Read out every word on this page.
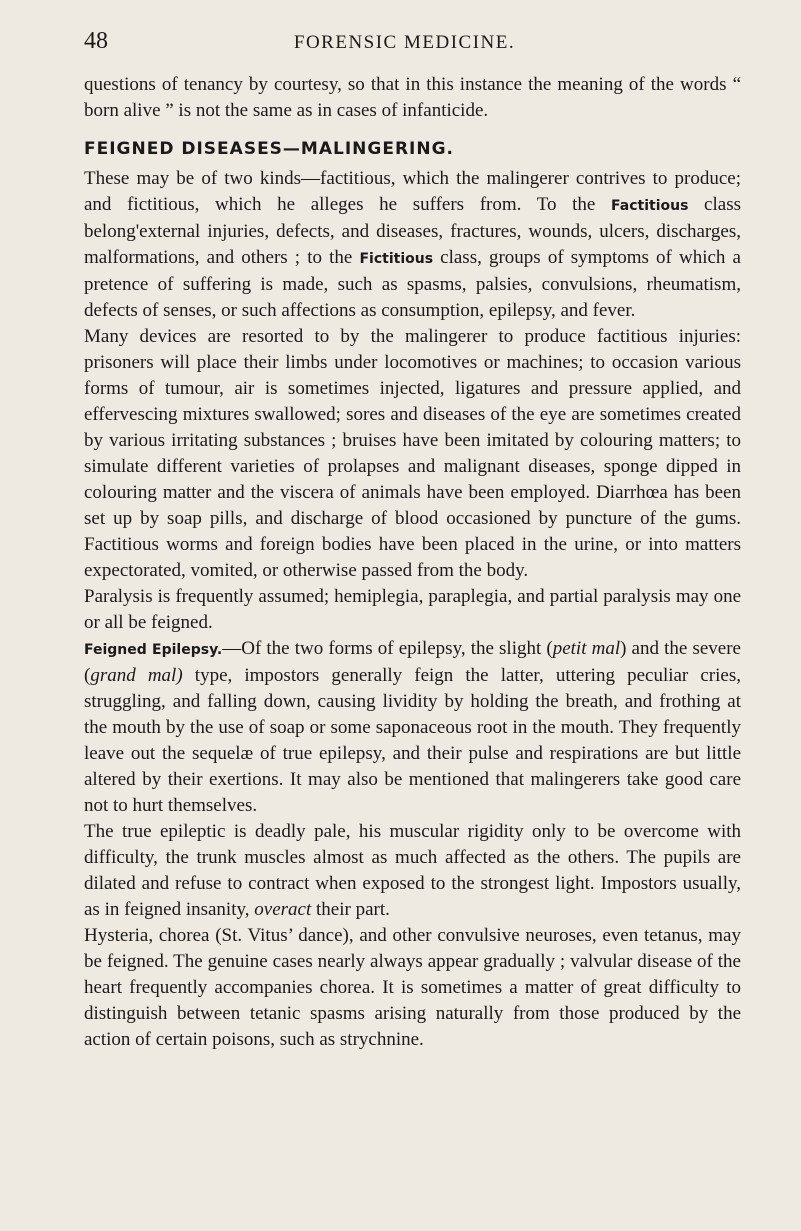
48	FORENSIC MEDICINE.

questions of tenancy by courtesy, so that in this instance the meaning of the words “ born alive ” is not the same as in cases of infanticide.

FEIGNED DISEASES—MALINGERING.

These may be of two kinds—factitious, which the malingerer contrives to produce; and fictitious, which he alleges he suffers from. To the Factitious class belong'external injuries, defects, and diseases, fractures, wounds, ulcers, discharges, malformations, and others ; to the Fictitious class, groups of symptoms of which a pretence of suffering is made, such as spasms, palsies, convulsions, rheumatism, defects of senses, or such affections as consumption, epilepsy, and fever.

Many devices are resorted to by the malingerer to produce factitious injuries: prisoners will place their limbs under locomotives or machines; to occasion various forms of tumour, air is sometimes injected, ligatures and pressure applied, and effervescing mixtures swallowed; sores and diseases of the eye are sometimes created by various irritating substances ; bruises have been imitated by colouring matters; to simulate different varieties of prolapses and malignant diseases, sponge dipped in colouring matter and the viscera of animals have been employed. Diarrhœa has been set up by soap pills, and discharge of blood occasioned by puncture of the gums. Factitious worms and foreign bodies have been placed in the urine, or into matters expectorated, vomited, or otherwise passed from the body.

Paralysis is frequently assumed; hemiplegia, paraplegia, and partial paralysis may one or all be feigned.

Feigned Epilepsy.—Of the two forms of epilepsy, the slight (petit mal) and the severe (grand mal) type, impostors generally feign the latter, uttering peculiar cries, struggling, and falling down, causing lividity by holding the breath, and frothing at the mouth by the use of soap or some saponaceous root in the mouth. They frequently leave out the sequelæ of true epilepsy, and their pulse and respirations are but little altered by their exertions. It may also be mentioned that malingerers take good care not to hurt themselves.

The true epileptic is deadly pale, his muscular rigidity only to be overcome with difficulty, the trunk muscles almost as much affected as the others. The pupils are dilated and refuse to contract when exposed to the strongest light. Impostors usually, as in feigned insanity, overact their part.

Hysteria, chorea (St. Vitus’ dance), and other convulsive neuroses, even tetanus, may be feigned. The genuine cases nearly always appear gradually ; valvular disease of the heart frequently accompanies chorea. It is sometimes a matter of great difficulty to distinguish between tetanic spasms arising naturally from those produced by the action of certain poisons, such as strychnine.
